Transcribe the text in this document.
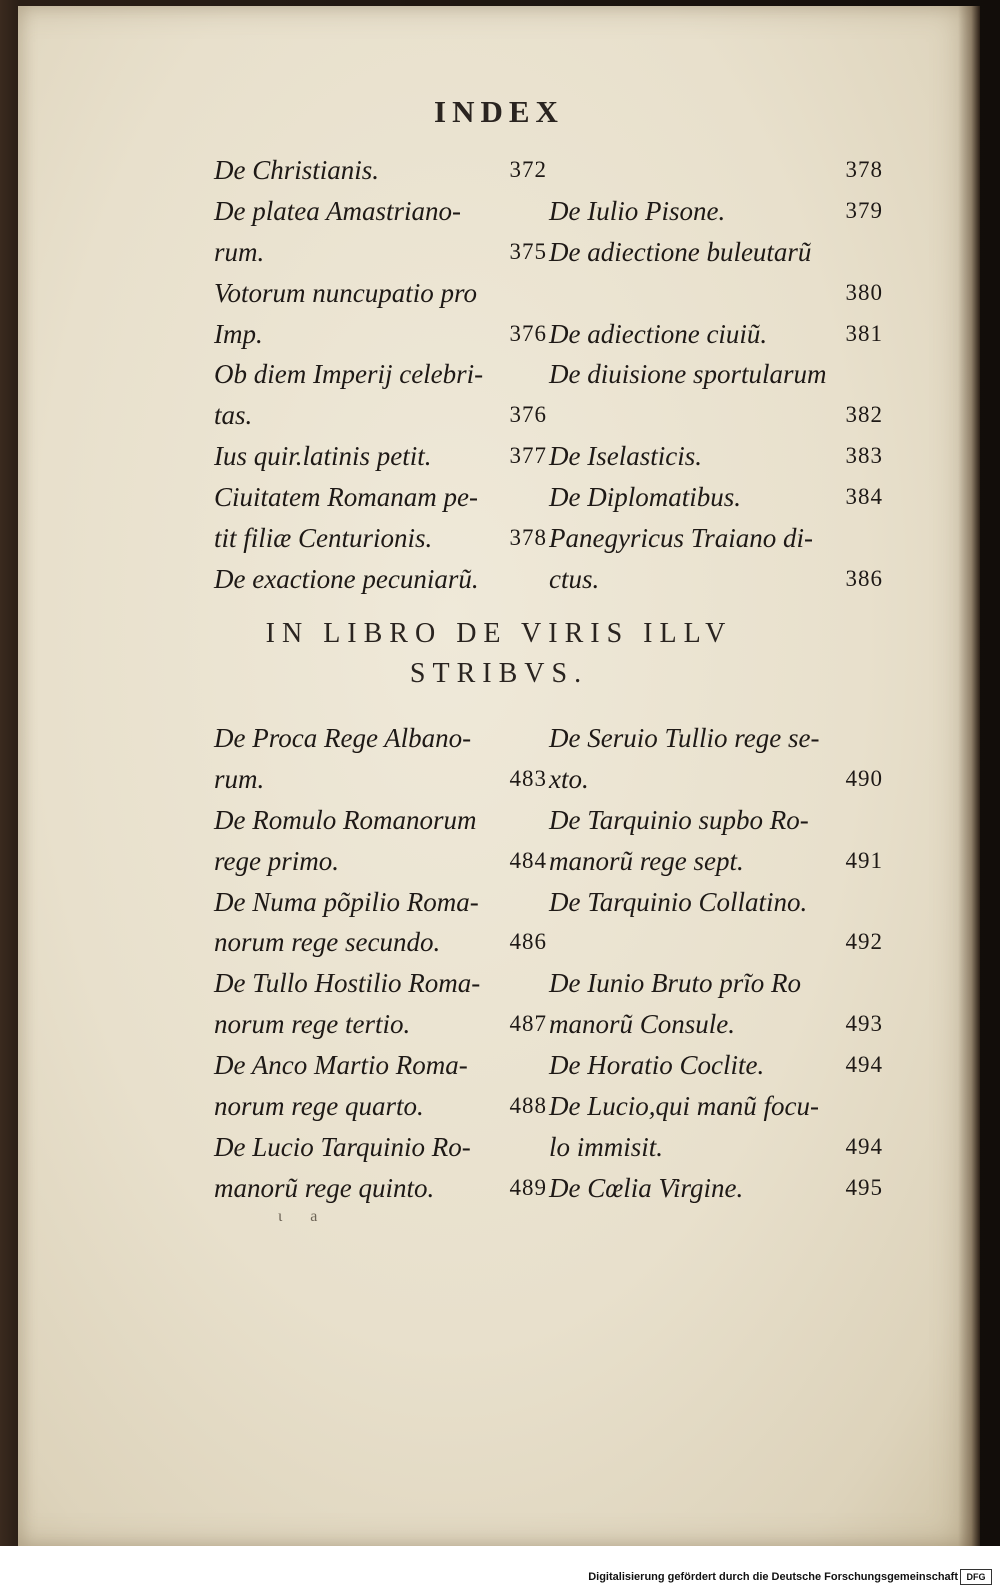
INDEX
De Christianis.	372
De platea Amastriano-
rum.	375
Votorum nuncupatio pro
Imp.	376
Ob diem Imperij celebri-
tas.	376
Ius quir.latinis petit.	377
Ciuitatem Romanam pe-
tit filiæ Centurionis.	378
De exactione pecuniarũ.
378
De Iulio Pisone.	379
De adiectione buleutarũ
380
De adiectione ciuiũ.	381
De diuisione sportularum
382
De Iselasticis.	383
De Diplomatibus.	384
Panegyricus Traiano di-
ctus.	386
IN LIBRO DE VIRIS ILLV
STRIBVS.
De Proca Rege Albano-
rum.	483
De Romulo Romanorum
rege primo.	484
De Numa põpilio Roma-
norum rege secundo.	486
De Tullo Hostilio Roma-
norum rege tertio.	487
De Anco Martio Roma-
norum rege quarto.	488
De Lucio Tarquinio Ro-
manorũ rege quinto.	489
De Seruio Tullio rege se-
xto.	490
De Tarquinio supbo Ro-
manorũ rege sept.	491
De Tarquinio Collatino.
492
De Iunio Bruto prĩo Ro
manorũ Consule.	493
De Horatio Coclite.	494
De Lucio,qui manũ focu-
lo immisit.	494
De Cœlia Virgine.	495
ι a
Digitalisierung gefördert durch die Deutsche Forschungsgemeinschaft DFG
